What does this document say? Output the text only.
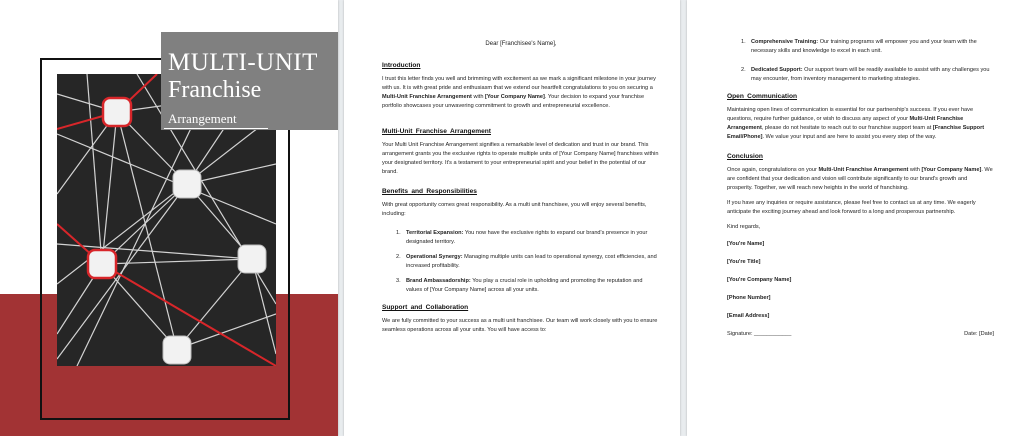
MULTI-UNIT
Franchise
Arrangement
Dear [Franchisee's Name],
Introduction
I trust this letter finds you well and brimming with excitement as we mark a significant milestone in your journey with us. It is with great pride and enthusiasm that we extend our heartfelt congratulations to you on securing a Multi-Unit Franchise Arrangement with [Your Company Name]. Your decision to expand your franchise portfolio showcases your unwavering commitment to growth and entrepreneurial excellence.
Multi-Unit Franchise Arrangement
Your Multi Unit Franchise Arrangement signifies a remarkable level of dedication and trust in our brand. This arrangement grants you the exclusive rights to operate multiple units of [Your Company Name] franchises within your designated territory. It's a testament to your entrepreneurial spirit and your belief in the potential of our brand.
Benefits and Responsibilities
With great opportunity comes great responsibility. As a multi unit franchisee, you will enjoy several benefits, including:
1. Territorial Expansion: You now have the exclusive rights to expand our brand's presence in your designated territory.
2. Operational Synergy: Managing multiple units can lead to operational synergy, cost efficiencies, and increased profitability.
3. Brand Ambassadorship: You play a crucial role in upholding and promoting the reputation and values of [Your Company Name] across all your units.
Support and Collaboration
We are fully committed to your success as a multi unit franchisee. Our team will work closely with you to ensure seamless operations across all your units. You will have access to:
1. Comprehensive Training: Our training programs will empower you and your team with the necessary skills and knowledge to excel in each unit.
2. Dedicated Support: Our support team will be readily available to assist with any challenges you may encounter, from inventory management to marketing strategies.
Open Communication
Maintaining open lines of communication is essential for our partnership's success. If you ever have questions, require further guidance, or wish to discuss any aspect of your Multi-Unit Franchise Arrangement, please do not hesitate to reach out to our franchise support team at [Franchise Support Email/Phone]. We value your input and are here to assist you every step of the way.
Conclusion
Once again, congratulations on your Multi-Unit Franchise Arrangement with [Your Company Name]. We are confident that your dedication and vision will contribute significantly to our brand's growth and prosperity. Together, we will reach new heights in the world of franchising.
If you have any inquiries or require assistance, please feel free to contact us at any time. We eagerly anticipate the exciting journey ahead and look forward to a long and prosperous partnership.
Kind regards,
[You're Name]
[You're Title]
[You're Company Name]
[Phone Number]
[Email Address]
Signature: ____________	Date: [Date]
